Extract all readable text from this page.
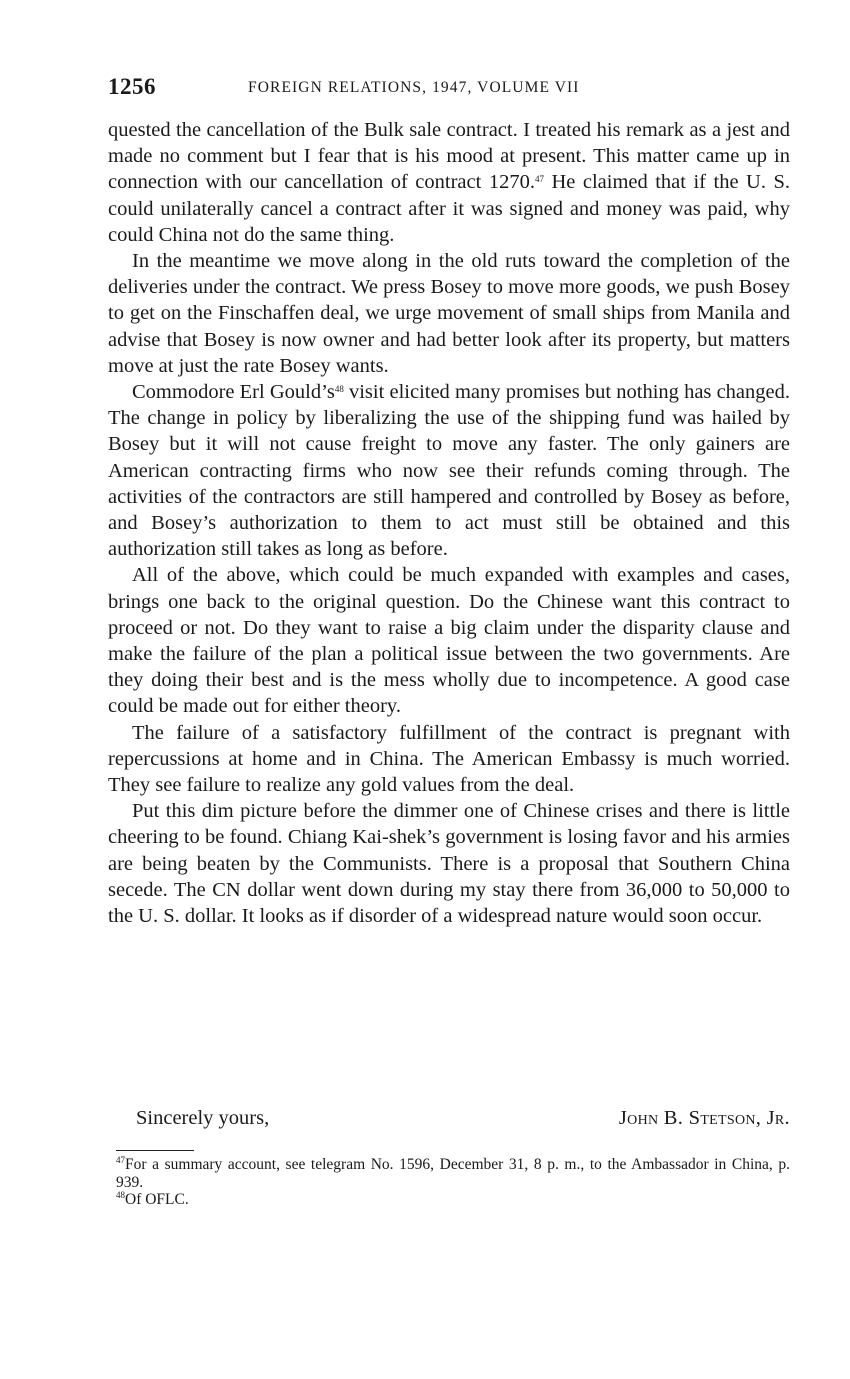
1256	FOREIGN RELATIONS, 1947, VOLUME VII

quested the cancellation of the Bulk sale contract. I treated his remark as a jest and made no comment but I fear that is his mood at present. This matter came up in connection with our cancellation of contract 1270.47 He claimed that if the U. S. could unilaterally cancel a contract after it was signed and money was paid, why could China not do the same thing.

In the meantime we move along in the old ruts toward the completion of the deliveries under the contract. We press Bosey to move more goods, we push Bosey to get on the Finschaffen deal, we urge movement of small ships from Manila and advise that Bosey is now owner and had better look after its property, but matters move at just the rate Bosey wants.

Commodore Erl Gould’s$^{48}$ visit elicited many promises but nothing has changed. The change in policy by liberalizing the use of the shipping fund was hailed by Bosey but it will not cause freight to move any faster. The only gainers are American contracting firms who now see their refunds coming through. The activities of the contractors are still hampered and controlled by Bosey as before, and Bosey’s authorization to them to act must still be obtained and this authorization still takes as long as before.

All of the above, which could be much expanded with examples and cases, brings one back to the original question. Do the Chinese want this contract to proceed or not. Do they want to raise a big claim under the disparity clause and make the failure of the plan a political issue between the two governments. Are they doing their best and is the mess wholly due to incompetence. A good case could be made out for either theory.

The failure of a satisfactory fulfillment of the contract is pregnant with repercussions at home and in China. The American Embassy is much worried. They see failure to realize any gold values from the deal.

Put this dim picture before the dimmer one of Chinese crises and there is little cheering to be found. Chiang Kai-shek’s government is losing favor and his armies are being beaten by the Communists. There is a proposal that Southern China secede. The CN dollar went down during my stay there from 36,000 to 50,000 to the U. S. dollar. It looks as if disorder of a widespread nature would soon occur.

Sincerely yours,	John B. Stetson, Jr.

$^{47}$For a summary account, see telegram No. 1596, December 31, 8 p. m., to the Ambassador in China, p. 939.

$^{48}$Of OFLC.
